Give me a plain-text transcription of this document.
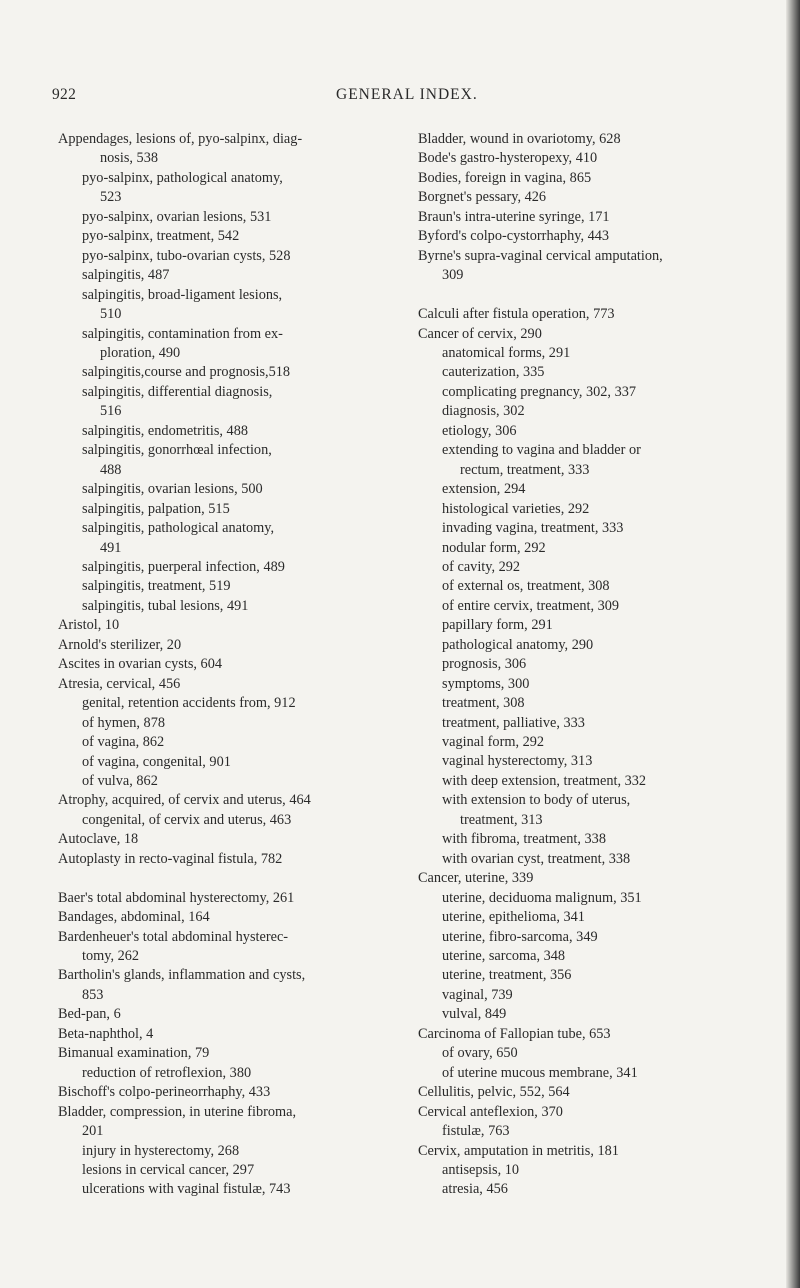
922	GENERAL INDEX.
Appendages, lesions of, pyo-salpinx, diag-
nosis, 538
pyo-salpinx, pathological anatomy,
523
pyo-salpinx, ovarian lesions, 531
pyo-salpinx, treatment, 542
pyo-salpinx, tubo-ovarian cysts, 528
salpingitis, 487
salpingitis, broad-ligament lesions,
510
salpingitis, contamination from ex-
ploration, 490
salpingitis,course and prognosis,518
salpingitis, differential diagnosis,
516
salpingitis, endometritis, 488
salpingitis, gonorrhœal infection,
488
salpingitis, ovarian lesions, 500
salpingitis, palpation, 515
salpingitis, pathological anatomy,
491
salpingitis, puerperal infection, 489
salpingitis, treatment, 519
salpingitis, tubal lesions, 491
Aristol, 10
Arnold's sterilizer, 20
Ascites in ovarian cysts, 604
Atresia, cervical, 456
genital, retention accidents from, 912
of hymen, 878
of vagina, 862
of vagina, congenital, 901
of vulva, 862
Atrophy, acquired, of cervix and uterus, 464
congenital, of cervix and uterus, 463
Autoclave, 18
Autoplasty in recto-vaginal fistula, 782
Baer's total abdominal hysterectomy, 261
Bandages, abdominal, 164
Bardenheuer's total abdominal hysterec-
tomy, 262
Bartholin's glands, inflammation and cysts,
853
Bed-pan, 6
Beta-naphthol, 4
Bimanual examination, 79
reduction of retroflexion, 380
Bischoff's colpo-perineorrhaphy, 433
Bladder, compression, in uterine fibroma,
201
injury in hysterectomy, 268
lesions in cervical cancer, 297
ulcerations with vaginal fistulæ, 743
Bladder, wound in ovariotomy, 628
Bode's gastro-hysteropexy, 410
Bodies, foreign in vagina, 865
Borgnet's pessary, 426
Braun's intra-uterine syringe, 171
Byford's colpo-cystorrhaphy, 443
Byrne's supra-vaginal cervical amputation,
309
Calculi after fistula operation, 773
Cancer of cervix, 290
anatomical forms, 291
cauterization, 335
complicating pregnancy, 302, 337
diagnosis, 302
etiology, 306
extending to vagina and bladder or
rectum, treatment, 333
extension, 294
histological varieties, 292
invading vagina, treatment, 333
nodular form, 292
of cavity, 292
of external os, treatment, 308
of entire cervix, treatment, 309
papillary form, 291
pathological anatomy, 290
prognosis, 306
symptoms, 300
treatment, 308
treatment, palliative, 333
vaginal form, 292
vaginal hysterectomy, 313
with deep extension, treatment, 332
with extension to body of uterus,
treatment, 313
with fibroma, treatment, 338
with ovarian cyst, treatment, 338
Cancer, uterine, 339
uterine, deciduoma malignum, 351
uterine, epithelioma, 341
uterine, fibro-sarcoma, 349
uterine, sarcoma, 348
uterine, treatment, 356
vaginal, 739
vulval, 849
Carcinoma of Fallopian tube, 653
of ovary, 650
of uterine mucous membrane, 341
Cellulitis, pelvic, 552, 564
Cervical anteflexion, 370
fistulæ, 763
Cervix, amputation in metritis, 181
antisepsis, 10
atresia, 456
